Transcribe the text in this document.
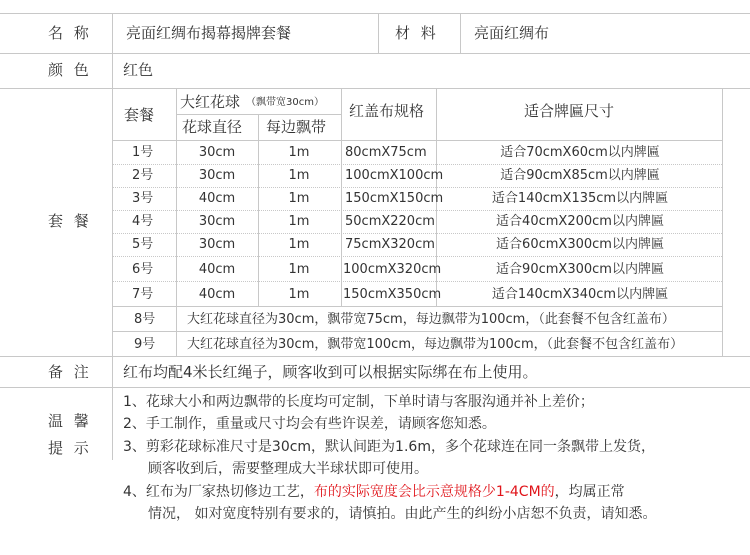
名 称 亮面红绸布揭幕揭牌套餐	材 料 亮面红绸布
颜 色 红色
套 餐
套餐
大红花球 （飘带宽30cm）
花球直径 每边飘带
红盖布规格	适合牌匾尺寸
1号	30cm	1m	80cmX75cm	适合70cmX60cm以内牌匾
2号	30cm	1m	100cmX100cm	适合90cmX85cm以内牌匾
3号	40cm	1m	150cmX150cm	适合140cmX135cm以内牌匾
4号	30cm	1m	50cmX220cm	适合40cmX200cm以内牌匾
5号	30cm	1m	75cmX320cm	适合60cmX300cm以内牌匾
6号	40cm	1m	100cmX320cm	适合90cmX300cm以内牌匾
7号	40cm	1m	150cmX350cm	适合140cmX340cm以内牌匾
8号 大红花球直径为30cm，飘带宽75cm，每边飘带为100cm，（此套餐不包含红盖布）
9号 大红花球直径为30cm，飘带宽100cm，每边飘带为100cm，（此套餐不包含红盖布）
备 注 红布均配4米长红绳子，顾客收到可以根据实际绑在布上使用。
温 馨
提 示
1、花球大小和两边飘带的长度均可定制，下单时请与客服沟通并补上差价；
2、手工制作，重量或尺寸均会有些许误差，请顾客您知悉。
3、剪彩花球标准尺寸是30cm，默认间距为1.6m，多个花球连在同一条飘带上发货，
顾客收到后，需要整理成大半球状即可使用。
4、红布为厂家热切修边工艺，布的实际宽度会比示意规格少1-4CM的，均属正常
情况， 如对宽度特别有要求的，请慎拍。由此产生的纠纷小店恕不负责，请知悉。
